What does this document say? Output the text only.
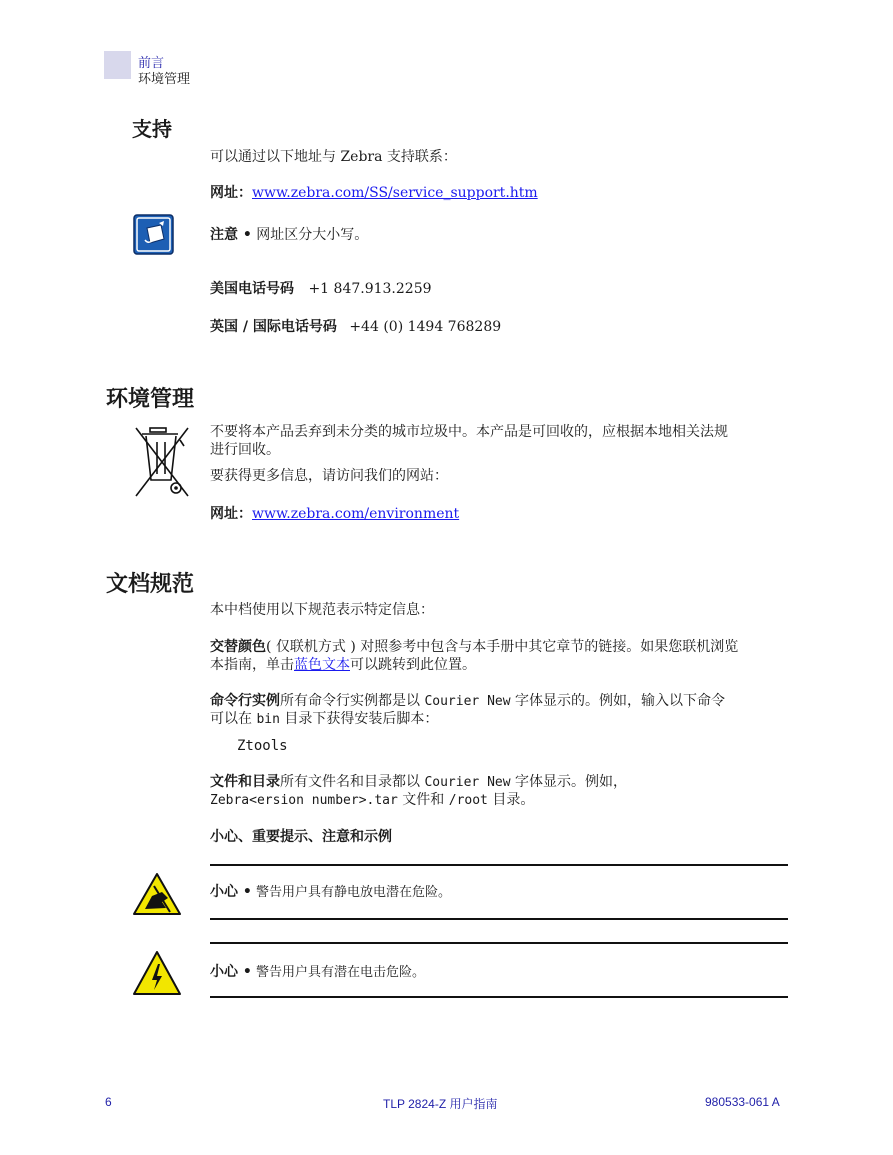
前言
环境管理
支持
可以通过以下地址与 Zebra 支持联系：
网址：www.zebra.com/SS/service_support.htm
注意 • 网址区分大小写。
美国电话号码 +1 847.913.2259
英国 / 国际电话号码 +44 (0) 1494 768289
环境管理
不要将本产品丢弃到未分类的城市垃圾中。本产品是可回收的，应根据本地相关法规
进行回收。
要获得更多信息，请访问我们的网站：
网址：www.zebra.com/environment
文档规范
本中档使用以下规范表示特定信息：
交替颜色( 仅联机方式 ) 对照参考中包含与本手册中其它章节的链接。如果您联机浏览
本指南，单击蓝色文本可以跳转到此位置。
命令行实例所有命令行实例都是以 Courier New 字体显示的。例如，输入以下命令
可以在 bin 目录下获得安装后脚本：
Ztools
文件和目录所有文件名和目录都以 Courier New 字体显示。例如，
Zebra<ersion number>.tar 文件和 /root 目录。
小心、重要提示、注意和示例
小心 • 警告用户具有静电放电潜在危险。
小心 • 警告用户具有潜在电击危险。
6	TLP 2824-Z 用户指南	980533-061 A
